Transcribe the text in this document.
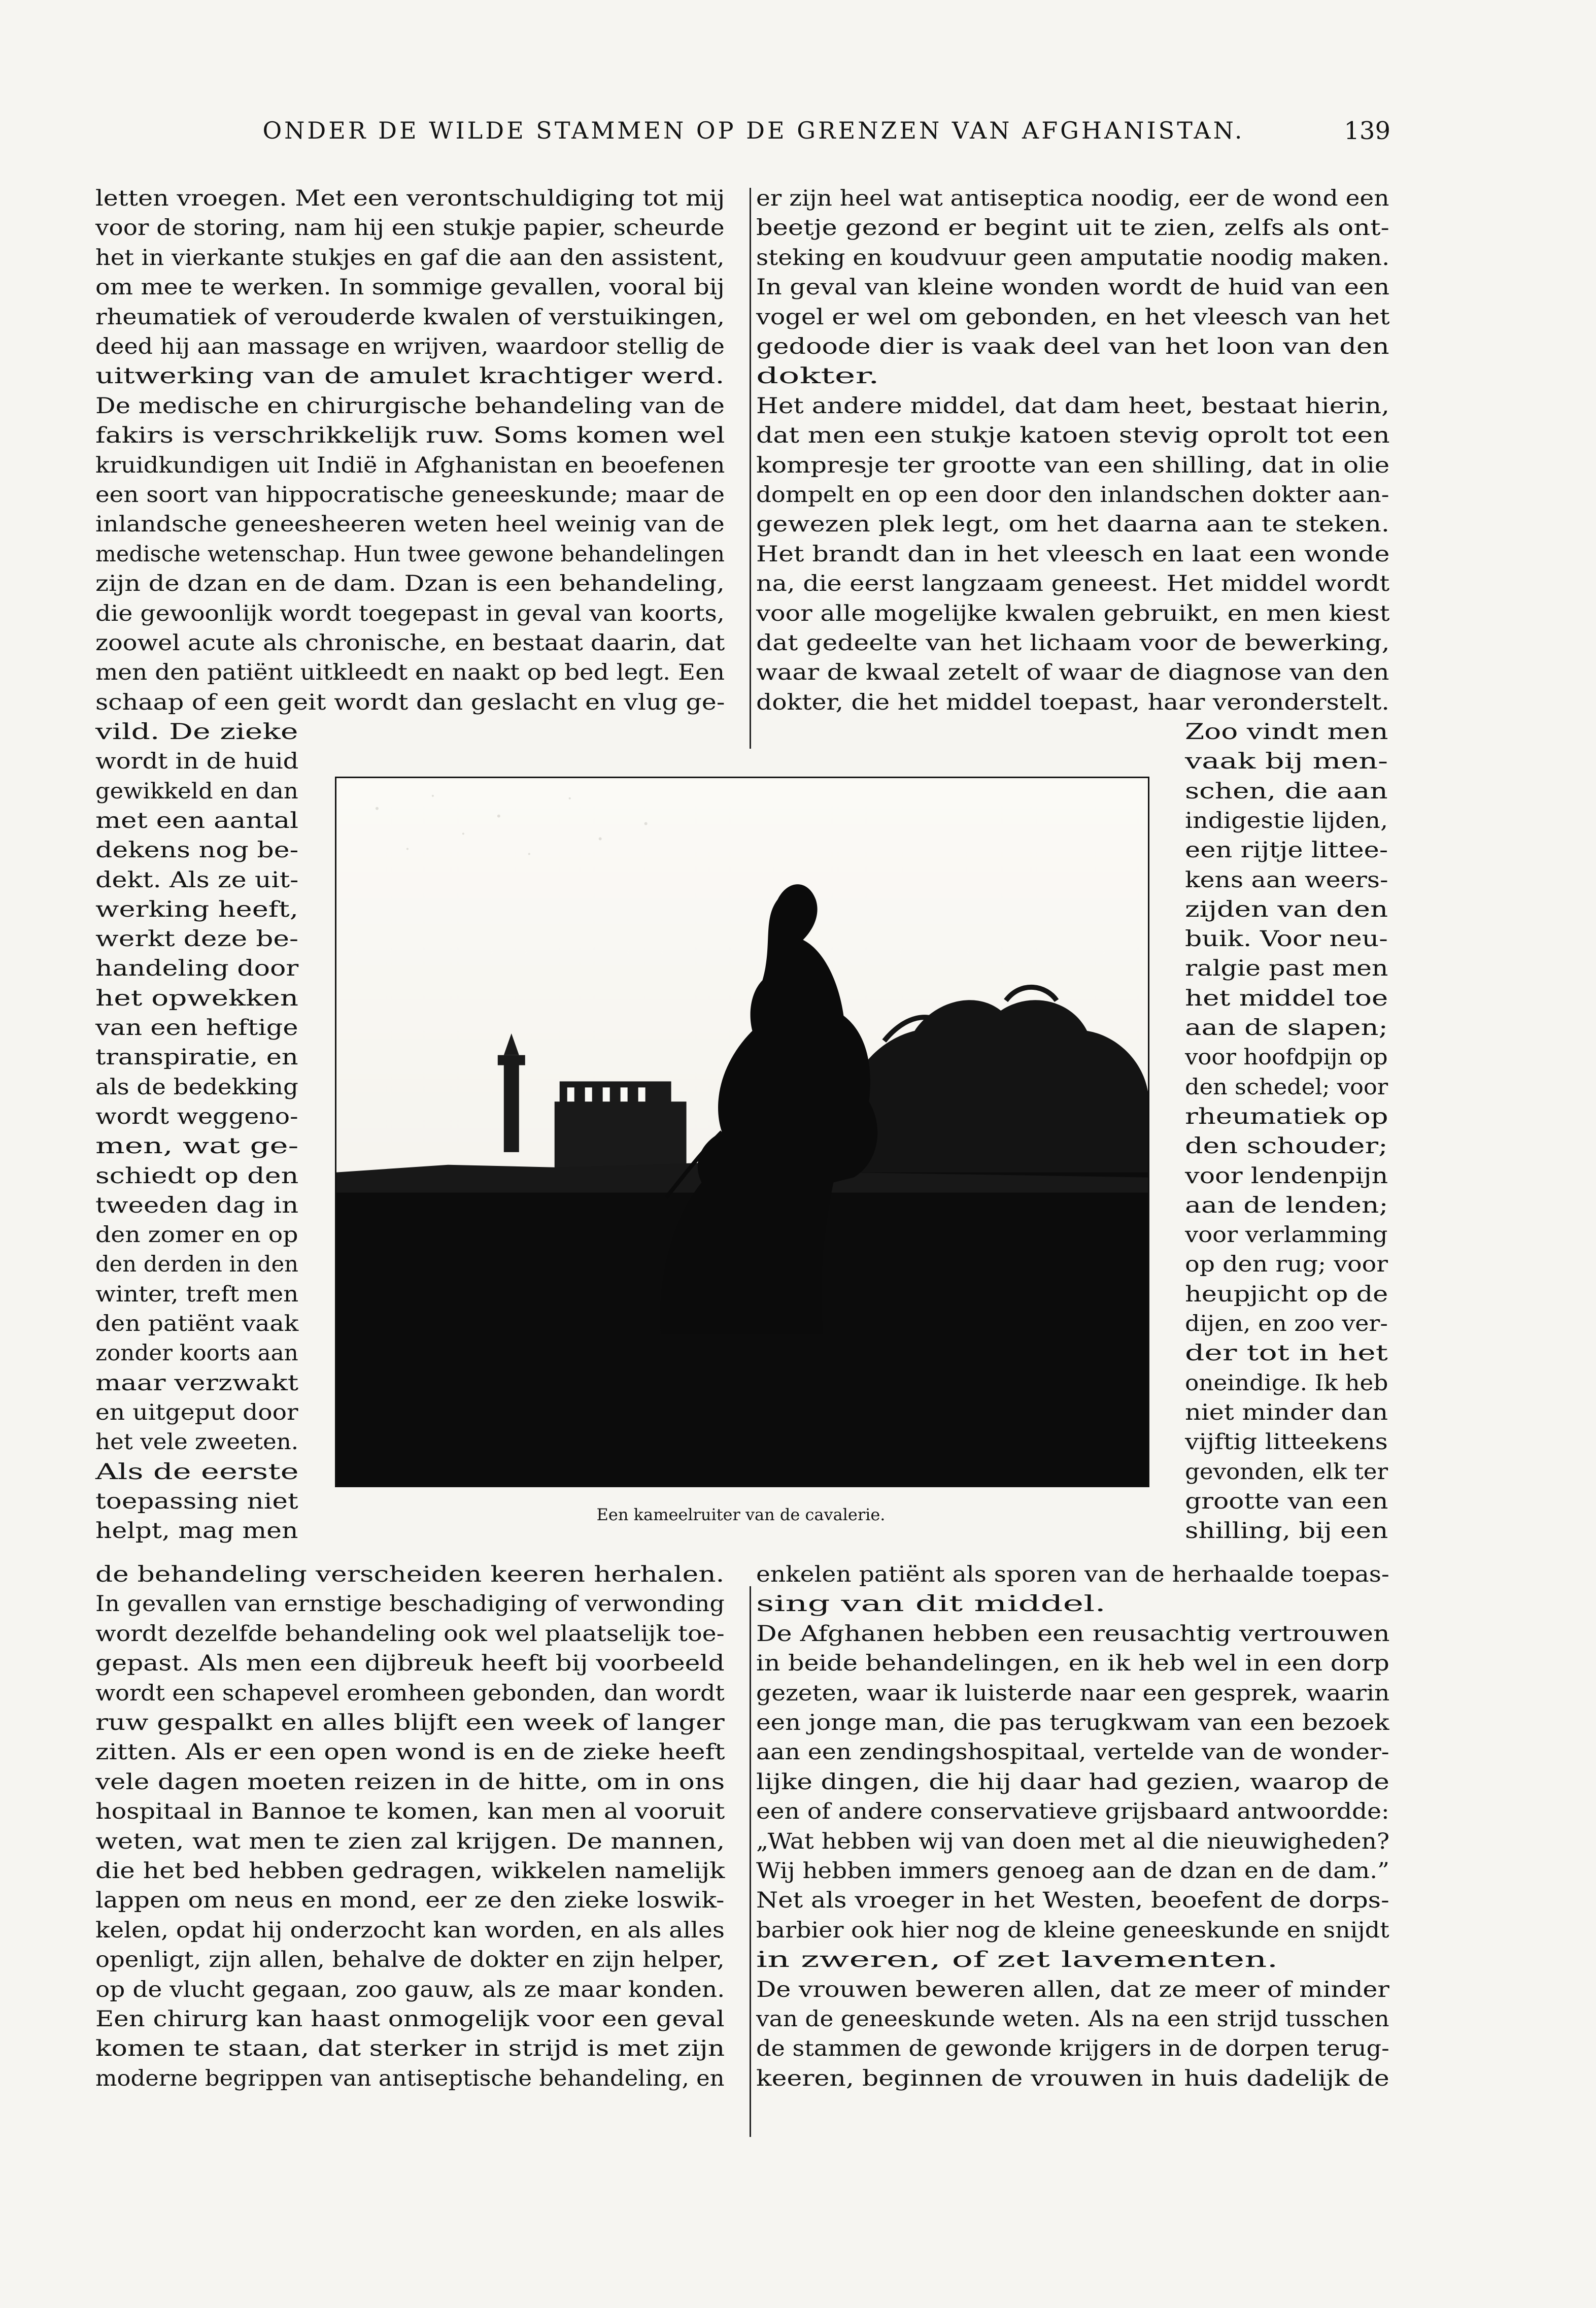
ONDER DE WILDE STAMMEN OP DE GRENZEN VAN AFGHANISTAN.	139
letten vroegen. Met een verontschuldiging tot mij
voor de storing, nam hij een stukje papier, scheurde
het in vierkante stukjes en gaf die aan den assistent,
om mee te werken. In sommige gevallen, vooral bij
rheumatiek of verouderde kwalen of verstuikingen,
deed hij aan massage en wrijven, waardoor stellig de
uitwerking van de amulet krachtiger werd.
De medische en chirurgische behandeling van de
fakirs is verschrikkelijk ruw. Soms komen wel
kruidkundigen uit Indië in Afghanistan en beoefenen
een soort van hippocratische geneeskunde; maar de
inlandsche geneesheeren weten heel weinig van de
medische wetenschap. Hun twee gewone behandelingen
zijn de dzan en de dam. Dzan is een behandeling,
die gewoonlijk wordt toegepast in geval van koorts,
zoowel acute als chronische, en bestaat daarin, dat
men den patiënt uitkleedt en naakt op bed legt. Een
schaap of een geit wordt dan geslacht en vlug ge-
vild. De zieke
wordt in de huid
gewikkeld en dan
met een aantal
dekens nog be-
dekt. Als ze uit-
werking heeft,
werkt deze be-
handeling door
het opwekken
van een heftige
transpiratie, en
als de bedekking
wordt weggeno-
men, wat ge-
schiedt op den
tweeden dag in
den zomer en op
den derden in den
winter, treft men
den patiënt vaak
zonder koorts aan
maar verzwakt
en uitgeput door
het vele zweeten.
Als de eerste
toepassing niet
helpt, mag men
de behandeling verscheiden keeren herhalen.
In gevallen van ernstige beschadiging of verwonding
wordt dezelfde behandeling ook wel plaatselijk toe-
gepast. Als men een dijbreuk heeft bij voorbeeld
wordt een schapevel eromheen gebonden, dan wordt
ruw gespalkt en alles blijft een week of langer
zitten. Als er een open wond is en de zieke heeft
vele dagen moeten reizen in de hitte, om in ons
hospitaal in Bannoe te komen, kan men al vooruit
weten, wat men te zien zal krijgen. De mannen,
die het bed hebben gedragen, wikkelen namelijk
lappen om neus en mond, eer ze den zieke loswik-
kelen, opdat hij onderzocht kan worden, en als alles
openligt, zijn allen, behalve de dokter en zijn helper,
op de vlucht gegaan, zoo gauw, als ze maar konden.
Een chirurg kan haast onmogelijk voor een geval
komen te staan, dat sterker in strijd is met zijn
moderne begrippen van antiseptische behandeling, en
er zijn heel wat antiseptica noodig, eer de wond een
beetje gezond er begint uit te zien, zelfs als ont-
steking en koudvuur geen amputatie noodig maken.
In geval van kleine wonden wordt de huid van een
vogel er wel om gebonden, en het vleesch van het
gedoode dier is vaak deel van het loon van den
dokter.
Het andere middel, dat dam heet, bestaat hierin,
dat men een stukje katoen stevig oprolt tot een
kompresje ter grootte van een shilling, dat in olie
dompelt en op een door den inlandschen dokter aan-
gewezen plek legt, om het daarna aan te steken.
Het brandt dan in het vleesch en laat een wonde
na, die eerst langzaam geneest. Het middel wordt
voor alle mogelijke kwalen gebruikt, en men kiest
dat gedeelte van het lichaam voor de bewerking,
waar de kwaal zetelt of waar de diagnose van den
dokter, die het middel toepast, haar veronderstelt.
Zoo vindt men
vaak bij men-
schen, die aan
indigestie lijden,
een rijtje littee-
kens aan weers-
zijden van den
buik. Voor neu-
ralgie past men
het middel toe
aan de slapen;
voor hoofdpijn op
den schedel; voor
rheumatiek op
den schouder;
voor lendenpijn
aan de lenden;
voor verlamming
op den rug; voor
heupjicht op de
dijen, en zoo ver-
der tot in het
oneindige. Ik heb
niet minder dan
vijftig litteekens
gevonden, elk ter
grootte van een
shilling, bij een
enkelen patiënt als sporen van de herhaalde toepas-
sing van dit middel.
De Afghanen hebben een reusachtig vertrouwen
in beide behandelingen, en ik heb wel in een dorp
gezeten, waar ik luisterde naar een gesprek, waarin
een jonge man, die pas terugkwam van een bezoek
aan een zendingshospitaal, vertelde van de wonder-
lijke dingen, die hij daar had gezien, waarop de
een of andere conservatieve grijsbaard antwoordde:
„Wat hebben wij van doen met al die nieuwigheden?
Wij hebben immers genoeg aan de dzan en de dam.”
Net als vroeger in het Westen, beoefent de dorps-
barbier ook hier nog de kleine geneeskunde en snijdt
in zweren, of zet lavementen.
De vrouwen beweren allen, dat ze meer of minder
van de geneeskunde weten. Als na een strijd tusschen
de stammen de gewonde krijgers in de dorpen terug-
keeren, beginnen de vrouwen in huis dadelijk de
Een kameelruiter van de cavalerie.
